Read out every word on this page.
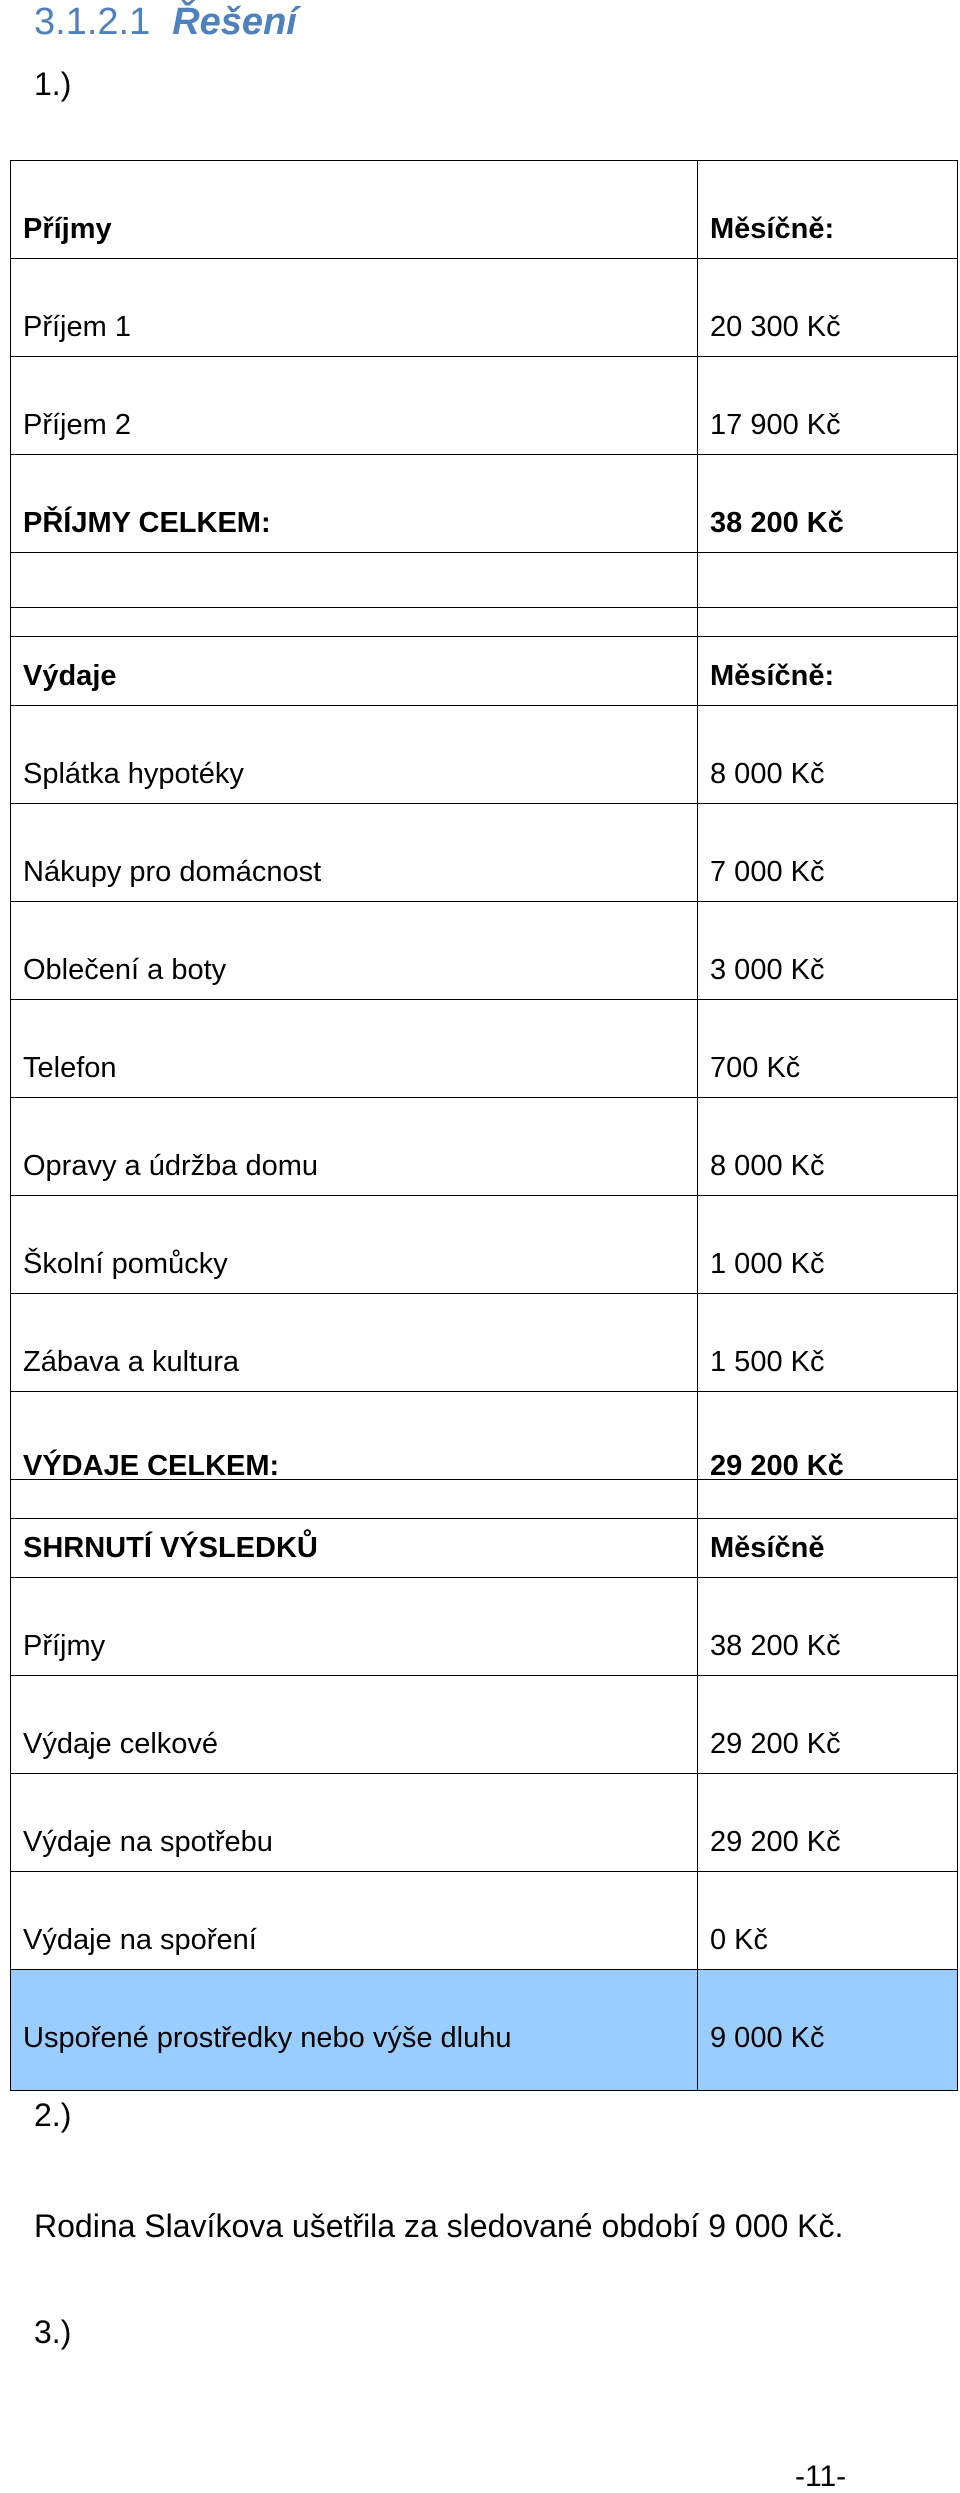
3.1.2.1 Řešení
1.)
Příjmy	Měsíčně:
Příjem 1	20 300 Kč
Příjem 2	17 900 Kč
PŘÍJMY CELKEM:	38 200 Kč

Výdaje	Měsíčně:
Splátka hypotéky	8 000 Kč
Nákupy pro domácnost	7 000 Kč
Oblečení a boty	3 000 Kč
Telefon	700 Kč
Opravy a údržba domu	8 000 Kč
Školní pomůcky	1 000 Kč
Zábava a kultura	1 500 Kč
VÝDAJE CELKEM:	29 200 Kč
SHRNUTÍ VÝSLEDKŮ	Měsíčně
Příjmy	38 200 Kč
Výdaje celkové	29 200 Kč
Výdaje na spotřebu	29 200 Kč
Výdaje na spoření	0 Kč
Uspořené prostředky nebo výše dluhu	9 000 Kč
2.)
Rodina Slavíkova ušetřila za sledované období 9 000 Kč.
3.)
-11-
